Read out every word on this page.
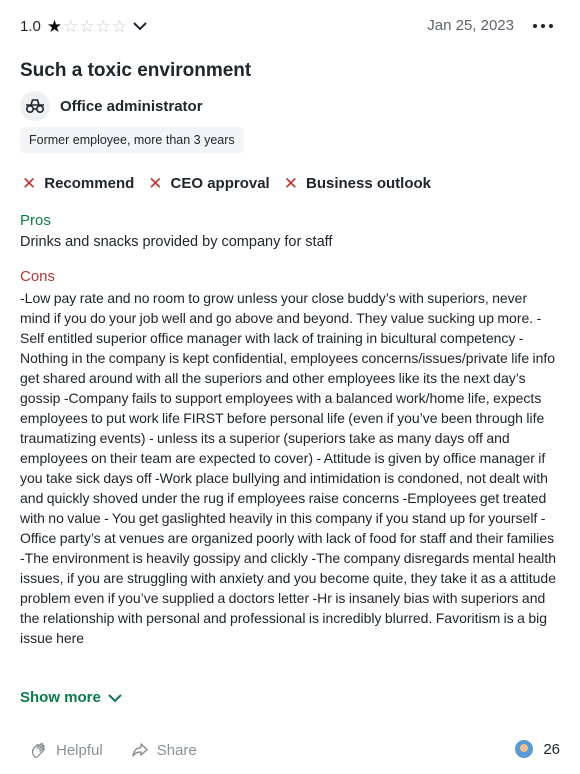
1.0 ★ ☆ ☆ ☆ ☆	Jan 25, 2023
Such a toxic environment
Office administrator
Former employee, more than 3 years
✕ Recommend ✕ CEO approval ✕ Business outlook
Pros
Drinks and snacks provided by company for staff
Cons

-Low pay rate and no room to grow unless your close buddy’s with superiors, never mind if you do your job well and go above and beyond. They value sucking up more. -Self entitled superior office manager with lack of training in bicultural competency -Nothing in the company is kept confidential, employees concerns/issues/private life info get shared around with all the superiors and other employees like its the next day’s gossip -Company fails to support employees with a balanced work/home life, expects employees to put work life FIRST before personal life (even if you’ve been through life traumatizing events) - unless its a superior (superiors take as many days off and employees on their team are expected to cover) - Attitude is given by office manager if you take sick days off -Work place bullying and intimidation is condoned, not dealt with and quickly shoved under the rug if employees raise concerns -Employees get treated with no value - You get gaslighted heavily in this company if you stand up for yourself - Office party’s at venues are organized poorly with lack of food for staff and their families -The environment is heavily gossipy and clickly -The company disregards mental health issues, if you are struggling with anxiety and you become quite, they take it as a attitude problem even if you’ve supplied a doctors letter -Hr is insanely bias with superiors and the relationship with personal and professional is incredibly blurred. Favoritism is a big issue here

Show more
Helpful	Share	26
